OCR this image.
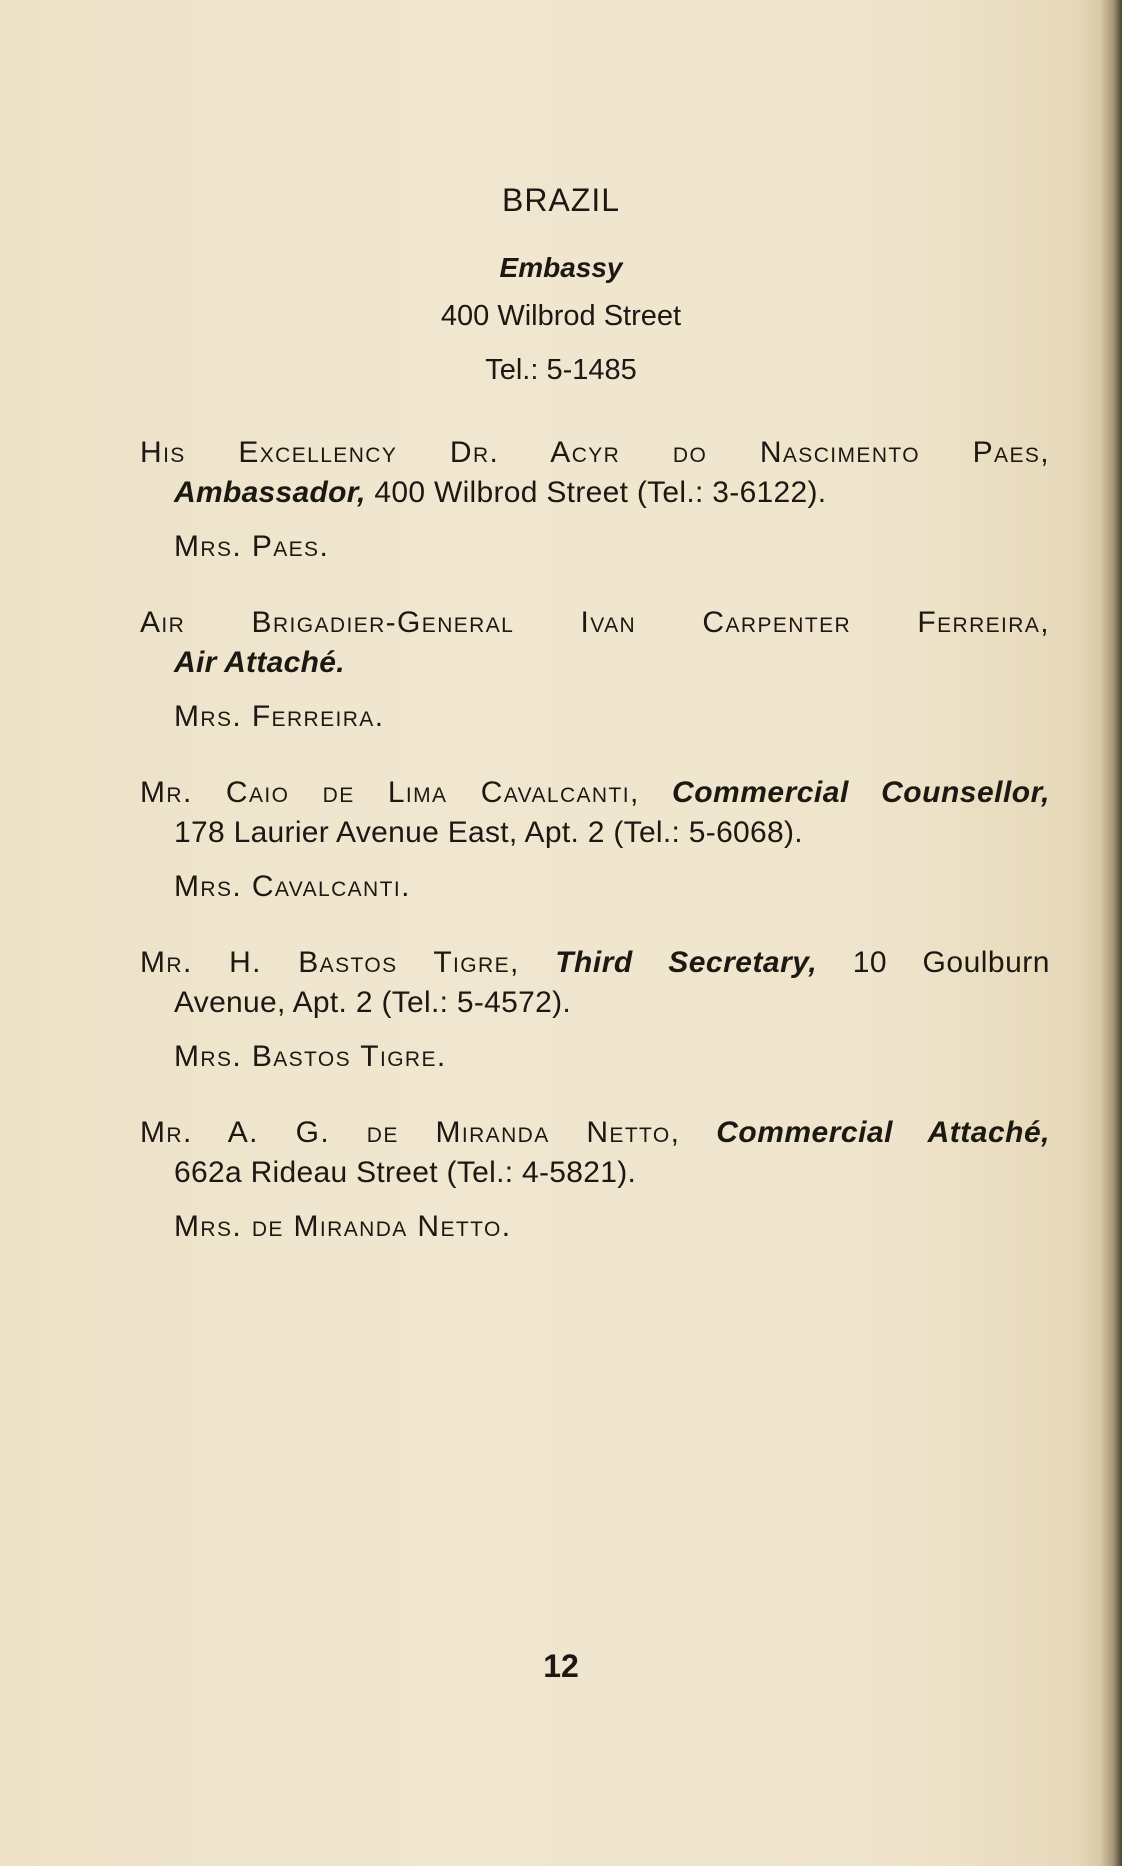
BRAZIL
Embassy
400 Wilbrod Street
Tel.: 5-1485
His Excellency Dr. Acyr do Nascimento Paes,
Ambassador, 400 Wilbrod Street (Tel.: 3-6122).
Mrs. Paes.
Air Brigadier-General Ivan Carpenter Ferreira,
Air Attaché.
Mrs. Ferreira.
Mr. Caio de Lima Cavalcanti, Commercial Counsellor,
178 Laurier Avenue East, Apt. 2 (Tel.: 5-6068).
Mrs. Cavalcanti.
Mr. H. Bastos Tigre, Third Secretary, 10 Goulburn
Avenue, Apt. 2 (Tel.: 5-4572).
Mrs. Bastos Tigre.
Mr. A. G. de Miranda Netto, Commercial Attaché,
662a Rideau Street (Tel.: 4-5821).
Mrs. de Miranda Netto.
12
